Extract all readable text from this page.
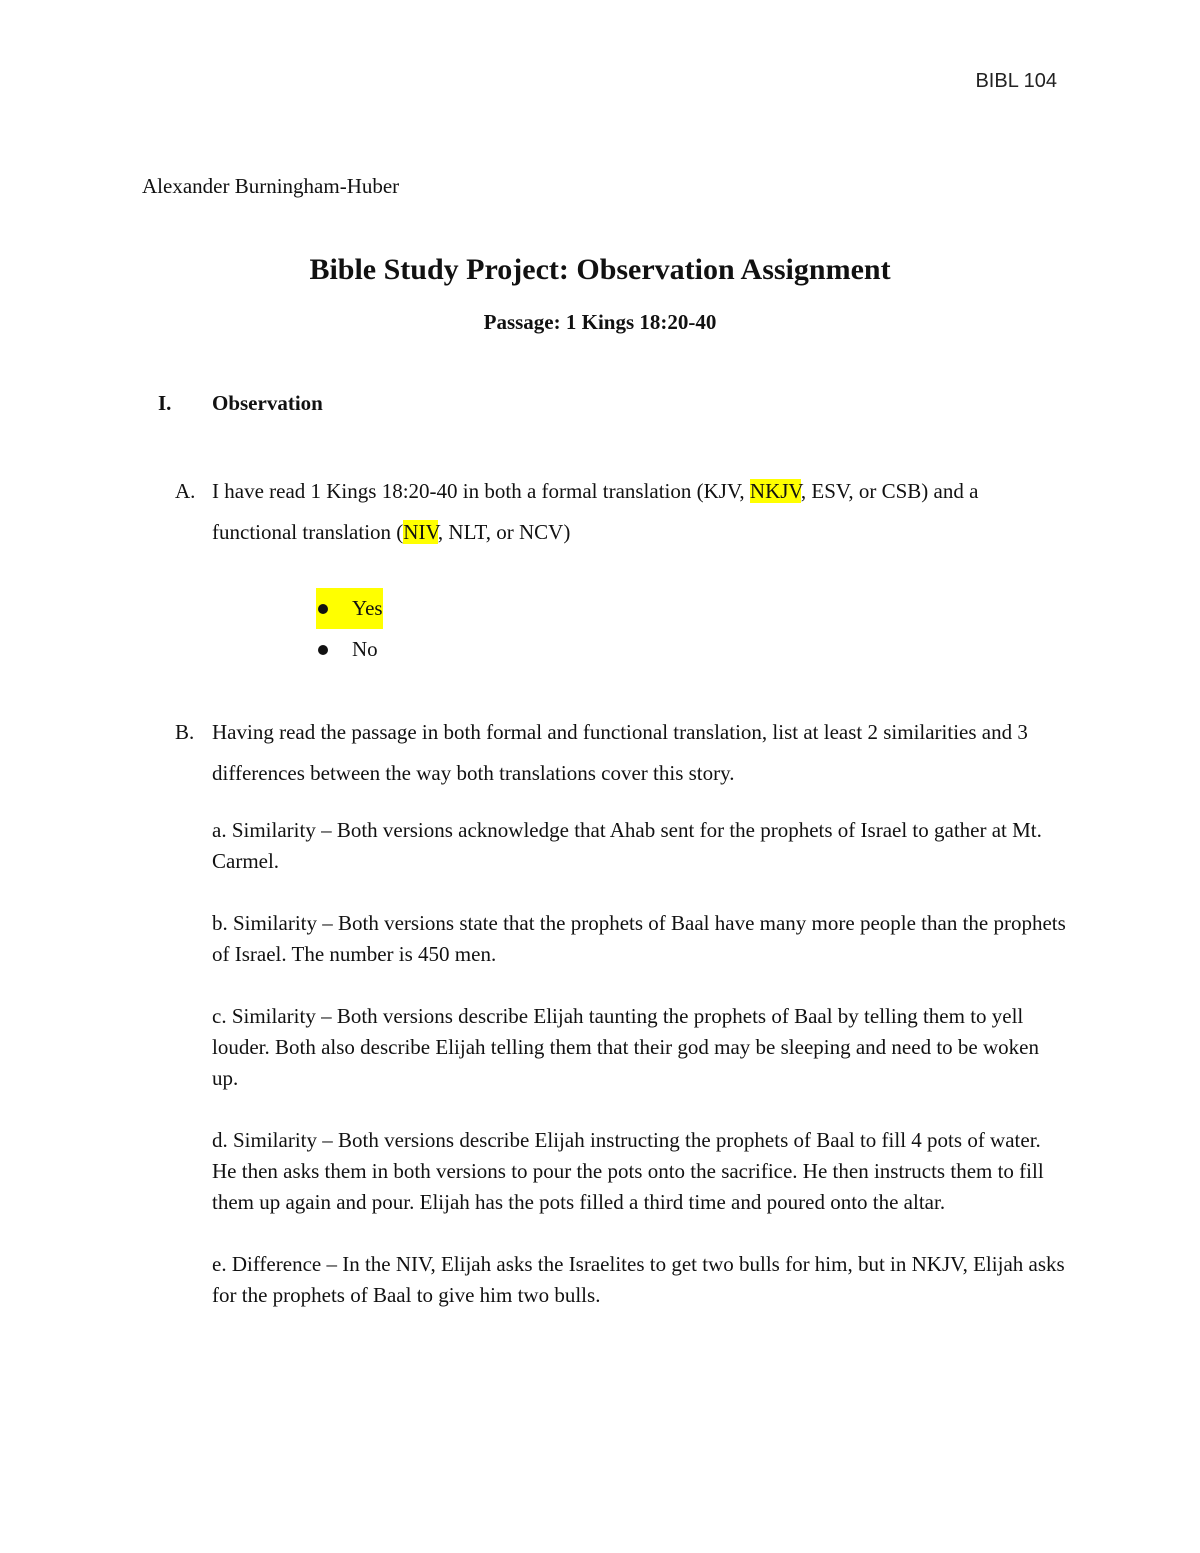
BIBL 104
Alexander Burningham-Huber
Bible Study Project: Observation Assignment
Passage: 1 Kings 18:20-40
I. Observation
A. I have read 1 Kings 18:20-40 in both a formal translation (KJV, NKJV, ESV, or CSB) and a functional translation (NIV, NLT, or NCV)
Yes
No
B. Having read the passage in both formal and functional translation, list at least 2 similarities and 3 differences between the way both translations cover this story.

a. Similarity – Both versions acknowledge that Ahab sent for the prophets of Israel to gather at Mt. Carmel.

b. Similarity – Both versions state that the prophets of Baal have many more people than the prophets of Israel. The number is 450 men.

c. Similarity – Both versions describe Elijah taunting the prophets of Baal by telling them to yell louder. Both also describe Elijah telling them that their god may be sleeping and need to be woken up.

d. Similarity – Both versions describe Elijah instructing the prophets of Baal to fill 4 pots of water. He then asks them in both versions to pour the pots onto the sacrifice. He then instructs them to fill them up again and pour. Elijah has the pots filled a third time and poured onto the altar.

e. Difference – In the NIV, Elijah asks the Israelites to get two bulls for him, but in NKJV, Elijah asks for the prophets of Baal to give him two bulls.
